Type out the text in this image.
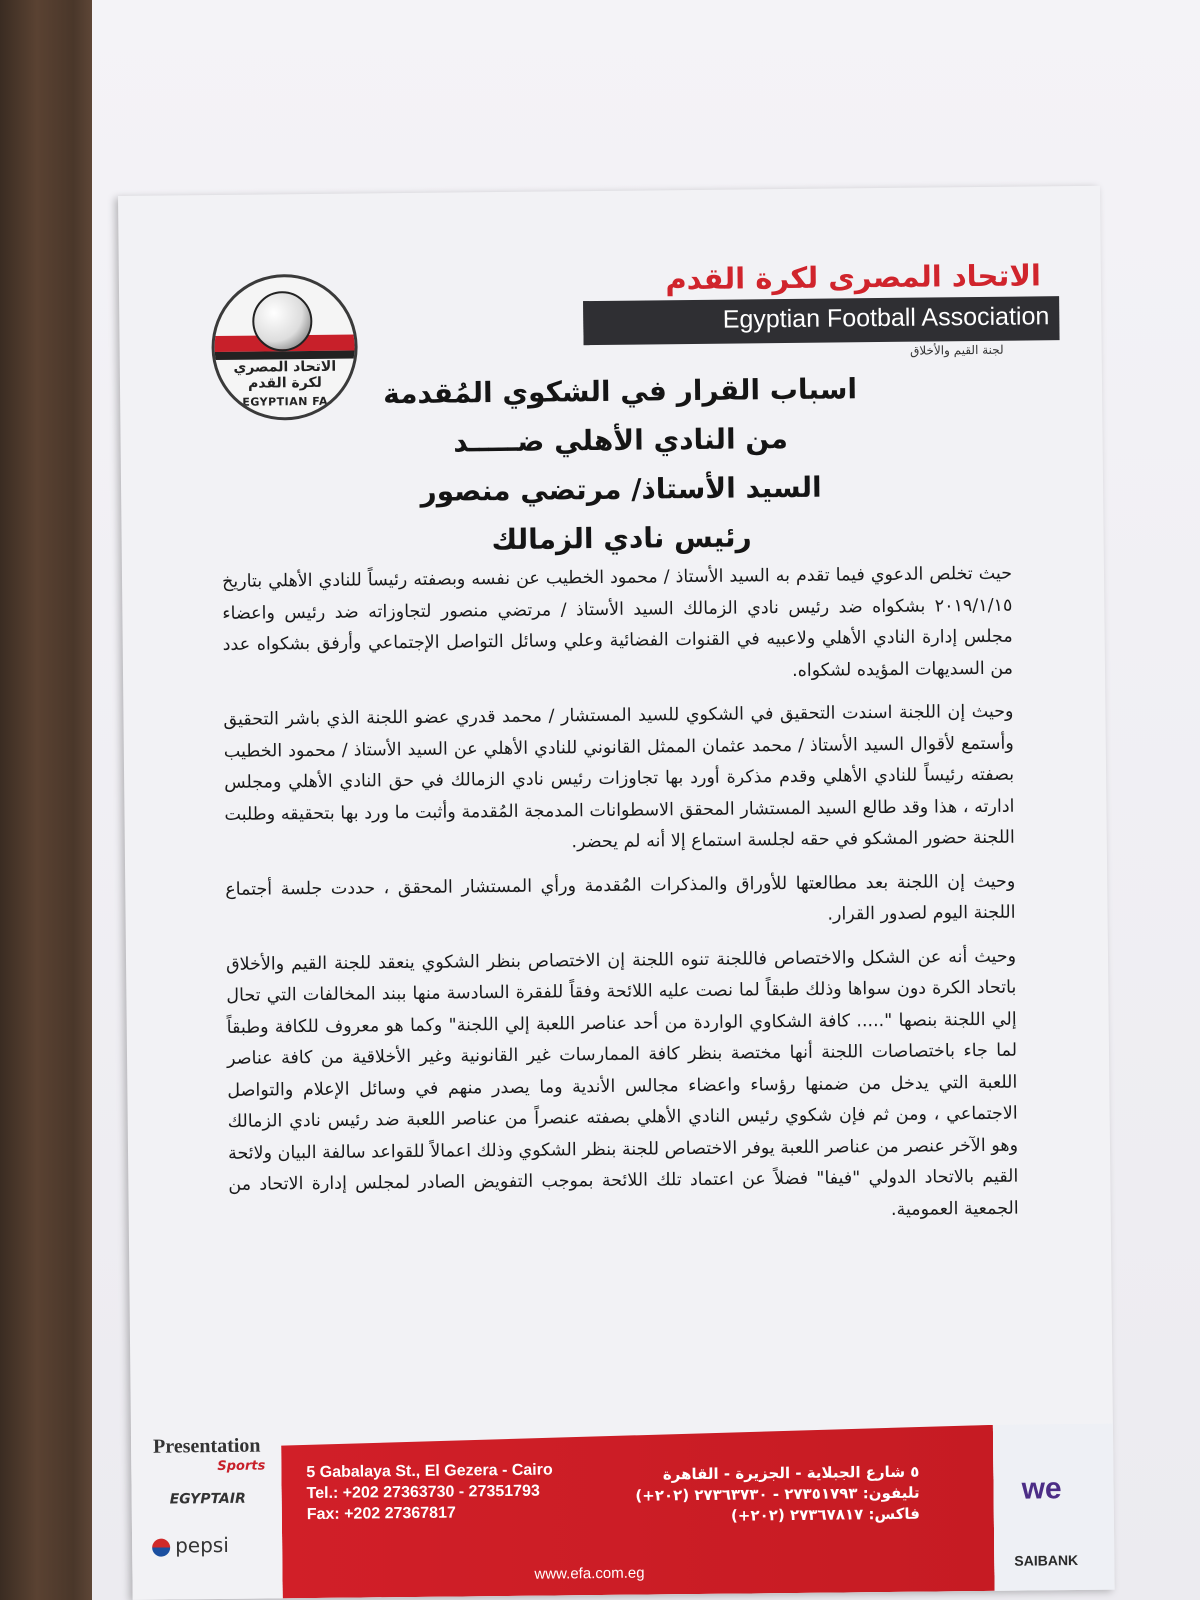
الاتحاد المصري
لكرة القدم
EGYPTIAN FA
الاتحاد المصرى لكرة القدم
Egyptian Football Association
لجنة القيم والأخلاق
اسباب القرار في الشكوي المُقدمة
من النادي الأهلي ضـــــد
السيد الأستاذ/ مرتضي منصور
رئيس نادي الزمالك

حيث تخلص الدعوي فيما تقدم به السيد الأستاذ / محمود الخطيب عن نفسه وبصفته رئيساً للنادي الأهلي بتاريخ ٢٠١٩/١/١٥ بشكواه ضد رئيس نادي الزمالك السيد الأستاذ / مرتضي منصور لتجاوزاته ضد رئيس واعضاء مجلس إدارة النادي الأهلي ولاعبيه في القنوات الفضائية وعلي وسائل التواصل الإجتماعي وأرفق بشكواه عدد من السديهات المؤيده لشكواه.

وحيث إن اللجنة اسندت التحقيق في الشكوي للسيد المستشار / محمد قدري عضو اللجنة الذي باشر التحقيق وأستمع لأقوال السيد الأستاذ / محمد عثمان الممثل القانوني للنادي الأهلي عن السيد الأستاذ / محمود الخطيب بصفته رئيساً للنادي الأهلي وقدم مذكرة أورد بها تجاوزات رئيس نادي الزمالك في حق النادي الأهلي ومجلس ادارته ، هذا وقد طالع السيد المستشار المحقق الاسطوانات المدمجة المُقدمة وأثبت ما ورد بها بتحقيقه وطلبت اللجنة حضور المشكو في حقه لجلسة استماع إلا أنه لم يحضر.

وحيث إن اللجنة بعد مطالعتها للأوراق والمذكرات المُقدمة ورأي المستشار المحقق ، حددت جلسة أجتماع اللجنة اليوم لصدور القرار.

وحيث أنه عن الشكل والاختصاص فاللجنة تنوه اللجنة إن الاختصاص بنظر الشكوي ينعقد للجنة القيم والأخلاق باتحاد الكرة دون سواها وذلك طبقاً لما نصت عليه اللائحة وفقاً للفقرة السادسة منها ببند المخالفات التي تحال إلي اللجنة بنصها "..... كافة الشكاوي الواردة من أحد عناصر اللعبة إلي اللجنة" وكما هو معروف للكافة وطبقاً لما جاء باختصاصات اللجنة أنها مختصة بنظر كافة الممارسات غير القانونية وغير الأخلاقية من كافة عناصر اللعبة التي يدخل من ضمنها رؤساء واعضاء مجالس الأندية وما يصدر منهم في وسائل الإعلام والتواصل الاجتماعي ، ومن ثم فإن شكوي رئيس النادي الأهلي بصفته عنصراً من عناصر اللعبة ضد رئيس نادي الزمالك وهو الآخر عنصر من عناصر اللعبة يوفر الاختصاص للجنة بنظر الشكوي وذلك اعمالاً للقواعد سالفة البيان ولائحة القيم بالاتحاد الدولي "فيفا" فضلاً عن اعتماد تلك اللائحة بموجب التفويض الصادر لمجلس إدارة الاتحاد من الجمعية العمومية.

Presentation
Sports
EGYPTAIR
pepsi
5 Gabalaya St., El Gezera - Cairo
Tel.: +202 27363730 - 27351793
Fax: +202 27367817
٥ شارع الجبلاية - الجزيرة - القاهرة
تليفون: ٢٧٣٥١٧٩٣ - ٢٧٣٦٣٧٣٠ (٢٠٢+)
فاكس: ٢٧٣٦٧٨١٧ (٢٠٢+)
www.efa.com.eg
we
SAIBANK
